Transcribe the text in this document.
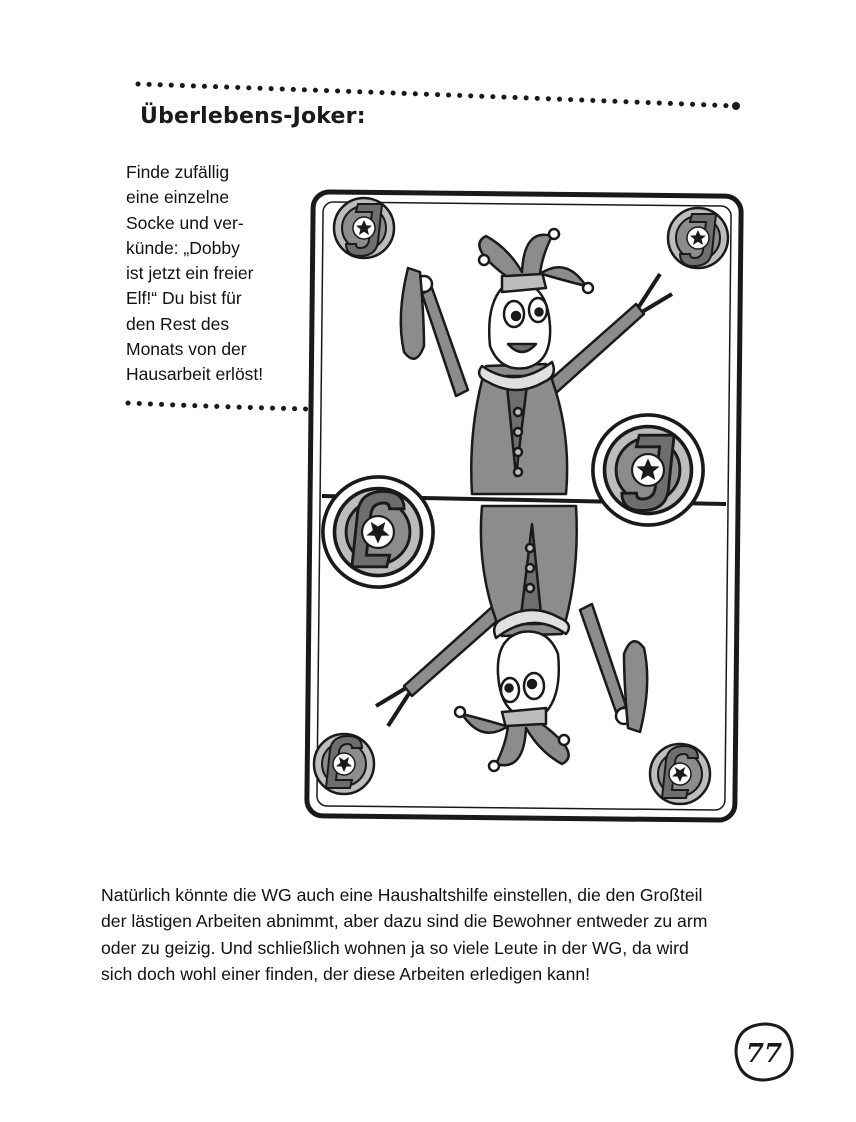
Überlebens-Joker:
Finde zufällig
eine einzelne
Socke und ver-
künde: „Dobby
ist jetzt ein freier
Elf!“ Du bist für
den Rest des
Monats von der
Hausarbeit erlöst!
Natürlich könnte die WG auch eine Haushaltshilfe einstellen, die den Großteil
der lästigen Arbeiten abnimmt, aber dazu sind die Bewohner entweder zu arm
oder zu geizig. Und schließlich wohnen ja so viele Leute in der WG, da wird
sich doch wohl einer finden, der diese Arbeiten erledigen kann!
77
